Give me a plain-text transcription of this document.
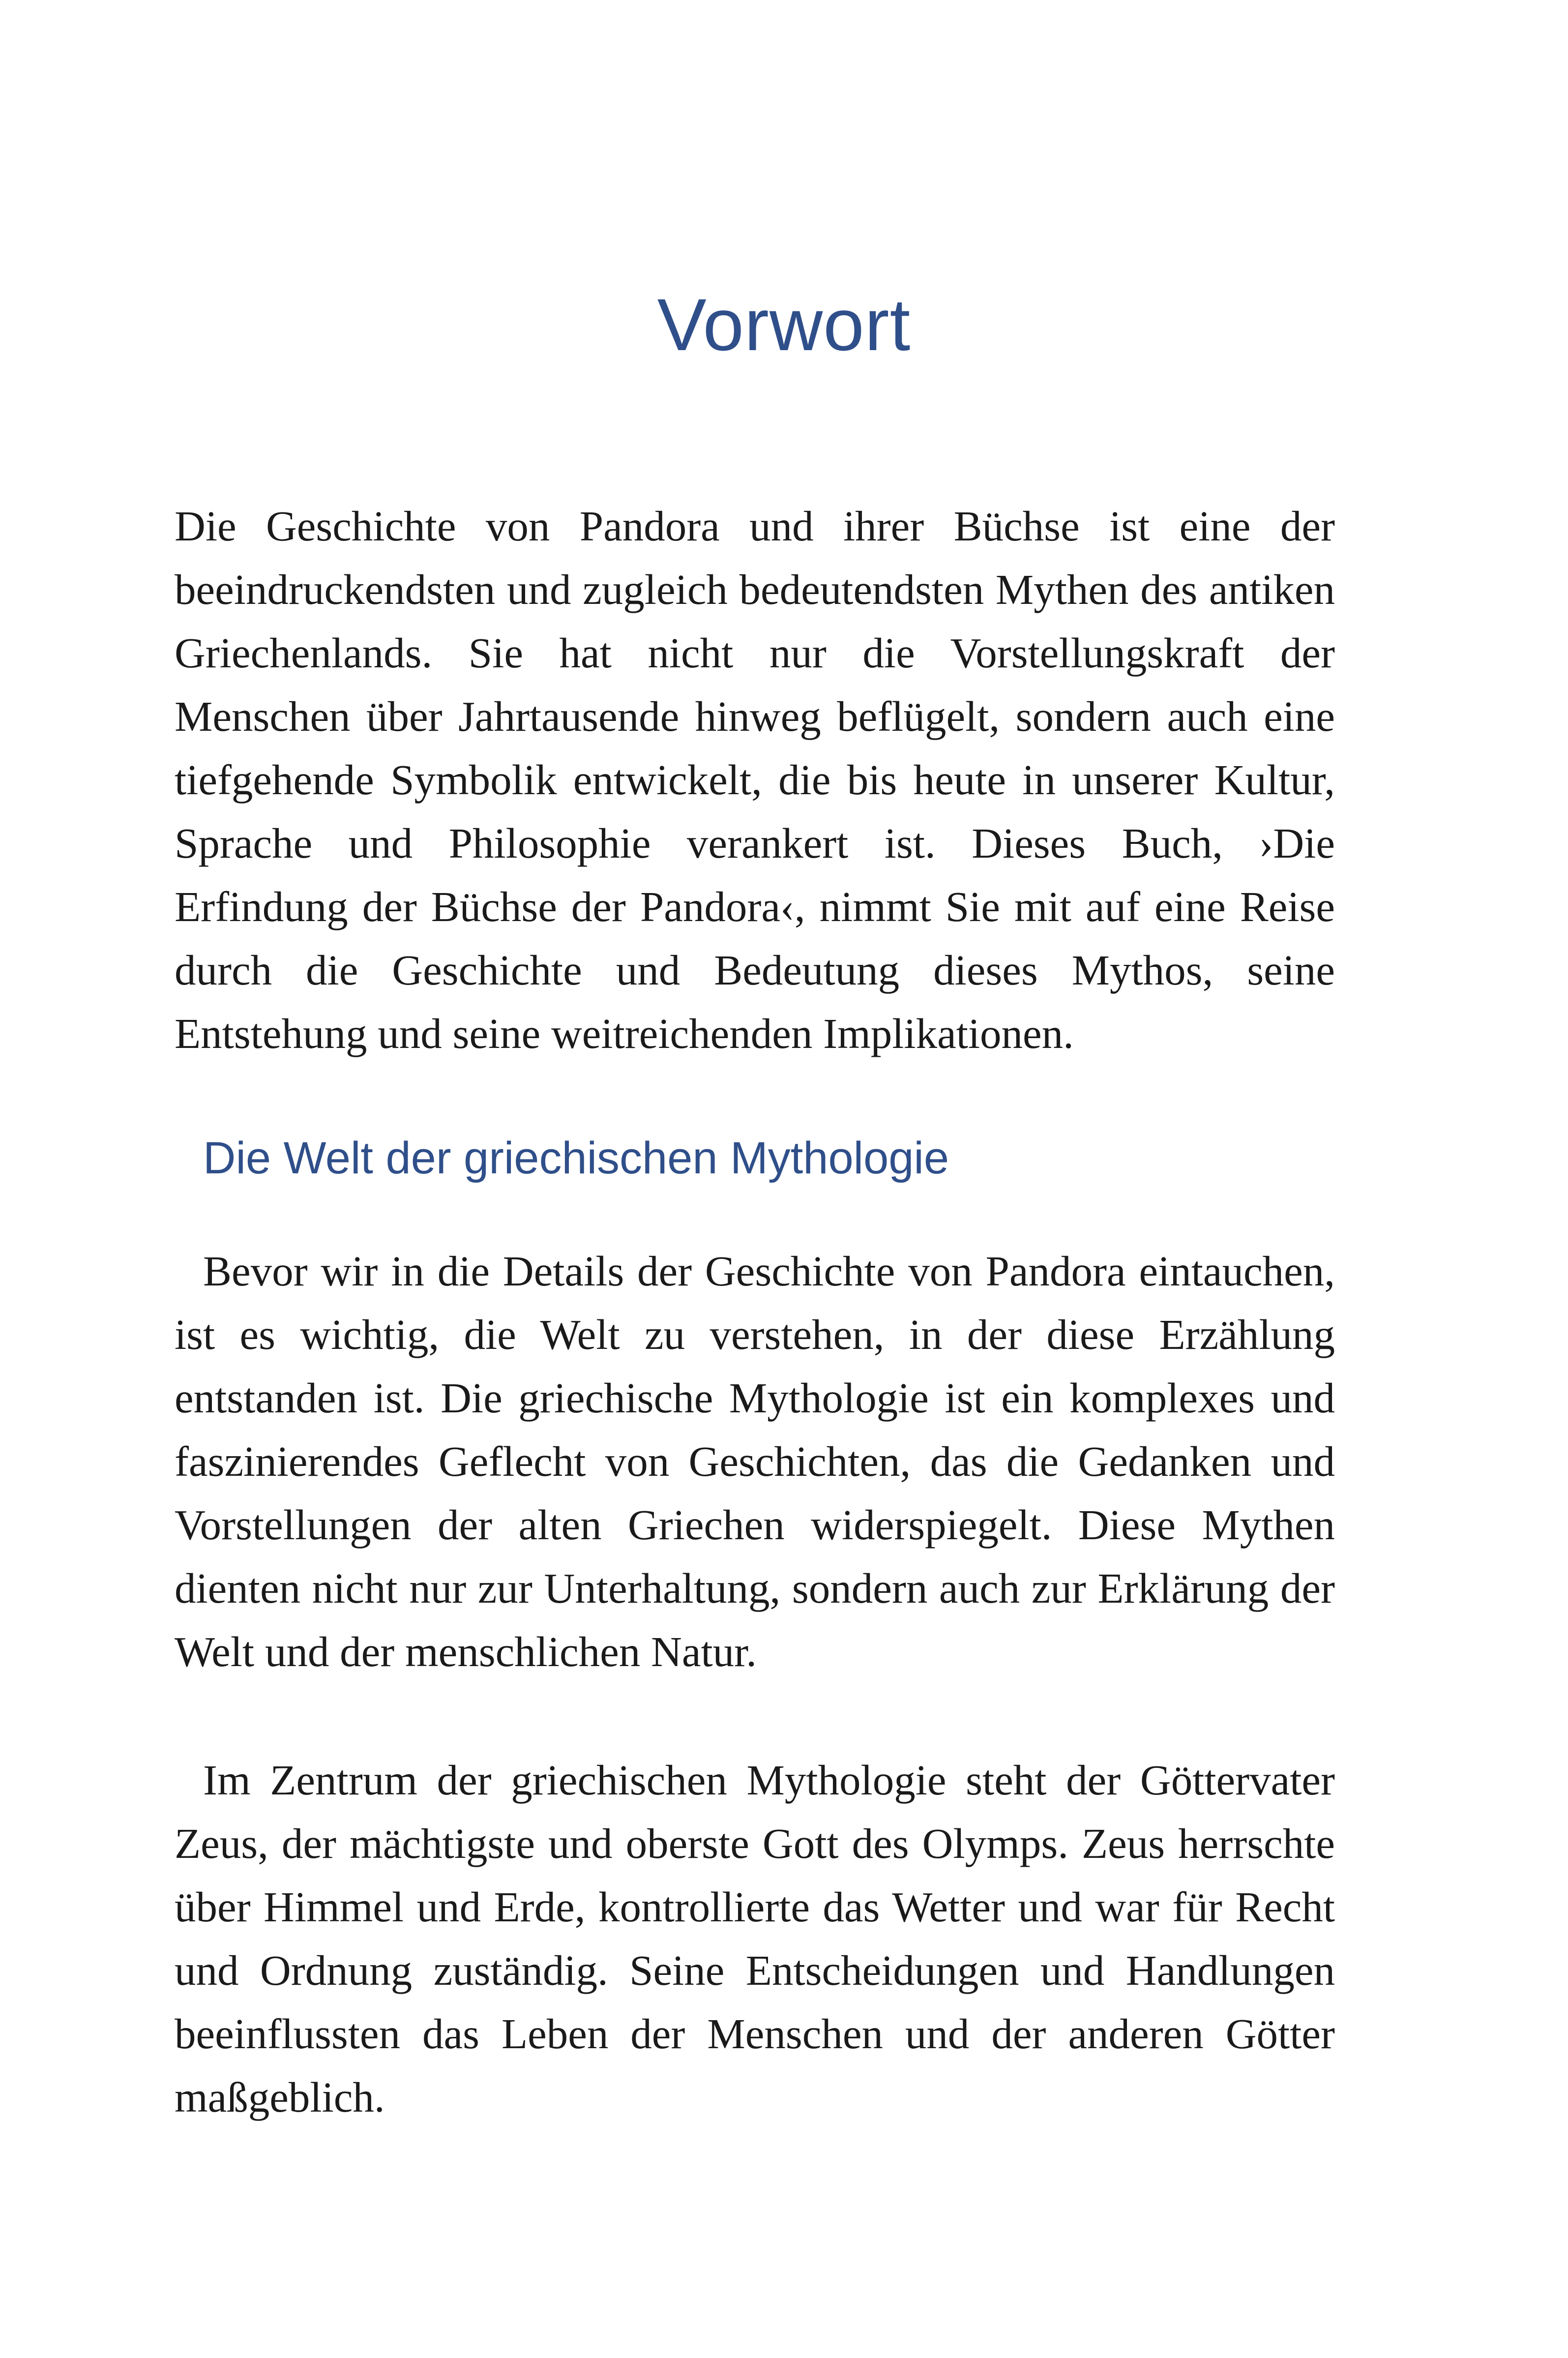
Vorwort

Die Geschichte von Pandora und ihrer Büchse ist eine der beeindruckendsten und zugleich bedeutendsten Mythen des antiken Griechenlands. Sie hat nicht nur die Vorstellungskraft der Menschen über Jahrtausende hinweg beflügelt, sondern auch eine tiefgehende Symbolik entwickelt, die bis heute in unserer Kultur, Sprache und Philosophie verankert ist. Dieses Buch, ›Die Erfindung der Büchse der Pandora‹, nimmt Sie mit auf eine Reise durch die Geschichte und Bedeutung dieses Mythos, seine Entstehung und seine weitreichenden Implikationen.

Die Welt der griechischen Mythologie

Bevor wir in die Details der Geschichte von Pandora eintauchen, ist es wichtig, die Welt zu verstehen, in der diese Erzählung entstanden ist. Die griechische Mythologie ist ein komplexes und faszinierendes Geflecht von Geschichten, das die Gedanken und Vorstellungen der alten Griechen widerspiegelt. Diese Mythen dienten nicht nur zur Unterhaltung, sondern auch zur Erklärung der Welt und der menschlichen Natur.

Im Zentrum der griechischen Mythologie steht der Göttervater Zeus, der mächtigste und oberste Gott des Olymps. Zeus herrschte über Himmel und Erde, kontrollierte das Wetter und war für Recht und Ordnung zuständig. Seine Entscheidungen und Handlungen beeinflussten das Leben der Menschen und der anderen Götter maßgeblich.
